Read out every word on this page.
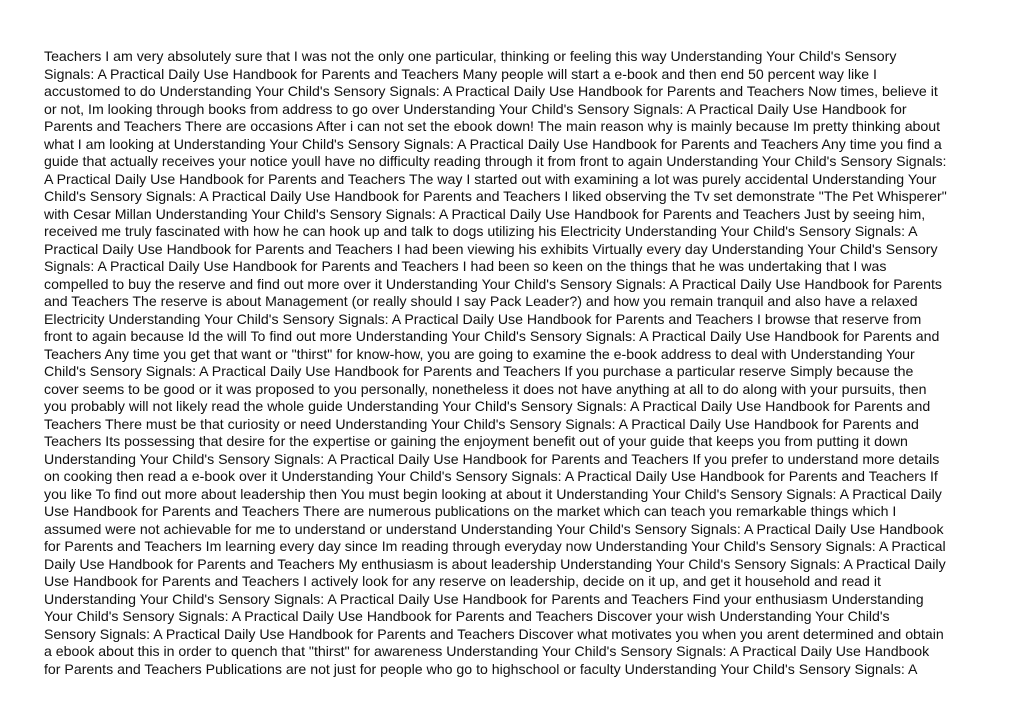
Teachers I am very absolutely sure that I was not the only one particular, thinking or feeling this way Understanding Your Child's Sensory
Signals: A Practical Daily Use Handbook for Parents and Teachers Many people will start a e-book and then end 50 percent way like I
accustomed to do Understanding Your Child's Sensory Signals: A Practical Daily Use Handbook for Parents and Teachers Now times, believe it
or not, Im looking through books from address to go over Understanding Your Child's Sensory Signals: A Practical Daily Use Handbook for
Parents and Teachers There are occasions After i can not set the ebook down! The main reason why is mainly because Im pretty thinking about
what I am looking at Understanding Your Child's Sensory Signals: A Practical Daily Use Handbook for Parents and Teachers Any time you find a
guide that actually receives your notice youll have no difficulty reading through it from front to again Understanding Your Child's Sensory Signals:
A Practical Daily Use Handbook for Parents and Teachers The way I started out with examining a lot was purely accidental Understanding Your
Child's Sensory Signals: A Practical Daily Use Handbook for Parents and Teachers I liked observing the Tv set demonstrate "The Pet Whisperer"
with Cesar Millan Understanding Your Child's Sensory Signals: A Practical Daily Use Handbook for Parents and Teachers Just by seeing him,
received me truly fascinated with how he can hook up and talk to dogs utilizing his Electricity Understanding Your Child's Sensory Signals: A
Practical Daily Use Handbook for Parents and Teachers I had been viewing his exhibits Virtually every day Understanding Your Child's Sensory
Signals: A Practical Daily Use Handbook for Parents and Teachers I had been so keen on the things that he was undertaking that I was
compelled to buy the reserve and find out more over it Understanding Your Child's Sensory Signals: A Practical Daily Use Handbook for Parents
and Teachers The reserve is about Management (or really should I say Pack Leader?) and how you remain tranquil and also have a relaxed
Electricity Understanding Your Child's Sensory Signals: A Practical Daily Use Handbook for Parents and Teachers I browse that reserve from
front to again because Id the will To find out more Understanding Your Child's Sensory Signals: A Practical Daily Use Handbook for Parents and
Teachers Any time you get that want or "thirst" for know-how, you are going to examine the e-book address to deal with Understanding Your
Child's Sensory Signals: A Practical Daily Use Handbook for Parents and Teachers If you purchase a particular reserve Simply because the
cover seems to be good or it was proposed to you personally, nonetheless it does not have anything at all to do along with your pursuits, then
you probably will not likely read the whole guide Understanding Your Child's Sensory Signals: A Practical Daily Use Handbook for Parents and
Teachers There must be that curiosity or need Understanding Your Child's Sensory Signals: A Practical Daily Use Handbook for Parents and
Teachers Its possessing that desire for the expertise or gaining the enjoyment benefit out of your guide that keeps you from putting it down
Understanding Your Child's Sensory Signals: A Practical Daily Use Handbook for Parents and Teachers If you prefer to understand more details
on cooking then read a e-book over it Understanding Your Child's Sensory Signals: A Practical Daily Use Handbook for Parents and Teachers If
you like To find out more about leadership then You must begin looking at about it Understanding Your Child's Sensory Signals: A Practical Daily
Use Handbook for Parents and Teachers There are numerous publications on the market which can teach you remarkable things which I
assumed were not achievable for me to understand or understand Understanding Your Child's Sensory Signals: A Practical Daily Use Handbook
for Parents and Teachers Im learning every day since Im reading through everyday now Understanding Your Child's Sensory Signals: A Practical
Daily Use Handbook for Parents and Teachers My enthusiasm is about leadership Understanding Your Child's Sensory Signals: A Practical Daily
Use Handbook for Parents and Teachers I actively look for any reserve on leadership, decide on it up, and get it household and read it
Understanding Your Child's Sensory Signals: A Practical Daily Use Handbook for Parents and Teachers Find your enthusiasm Understanding
Your Child's Sensory Signals: A Practical Daily Use Handbook for Parents and Teachers Discover your wish Understanding Your Child's
Sensory Signals: A Practical Daily Use Handbook for Parents and Teachers Discover what motivates you when you arent determined and obtain
a ebook about this in order to quench that "thirst" for awareness Understanding Your Child's Sensory Signals: A Practical Daily Use Handbook
for Parents and Teachers Publications are not just for people who go to highschool or faculty Understanding Your Child's Sensory Signals: A
